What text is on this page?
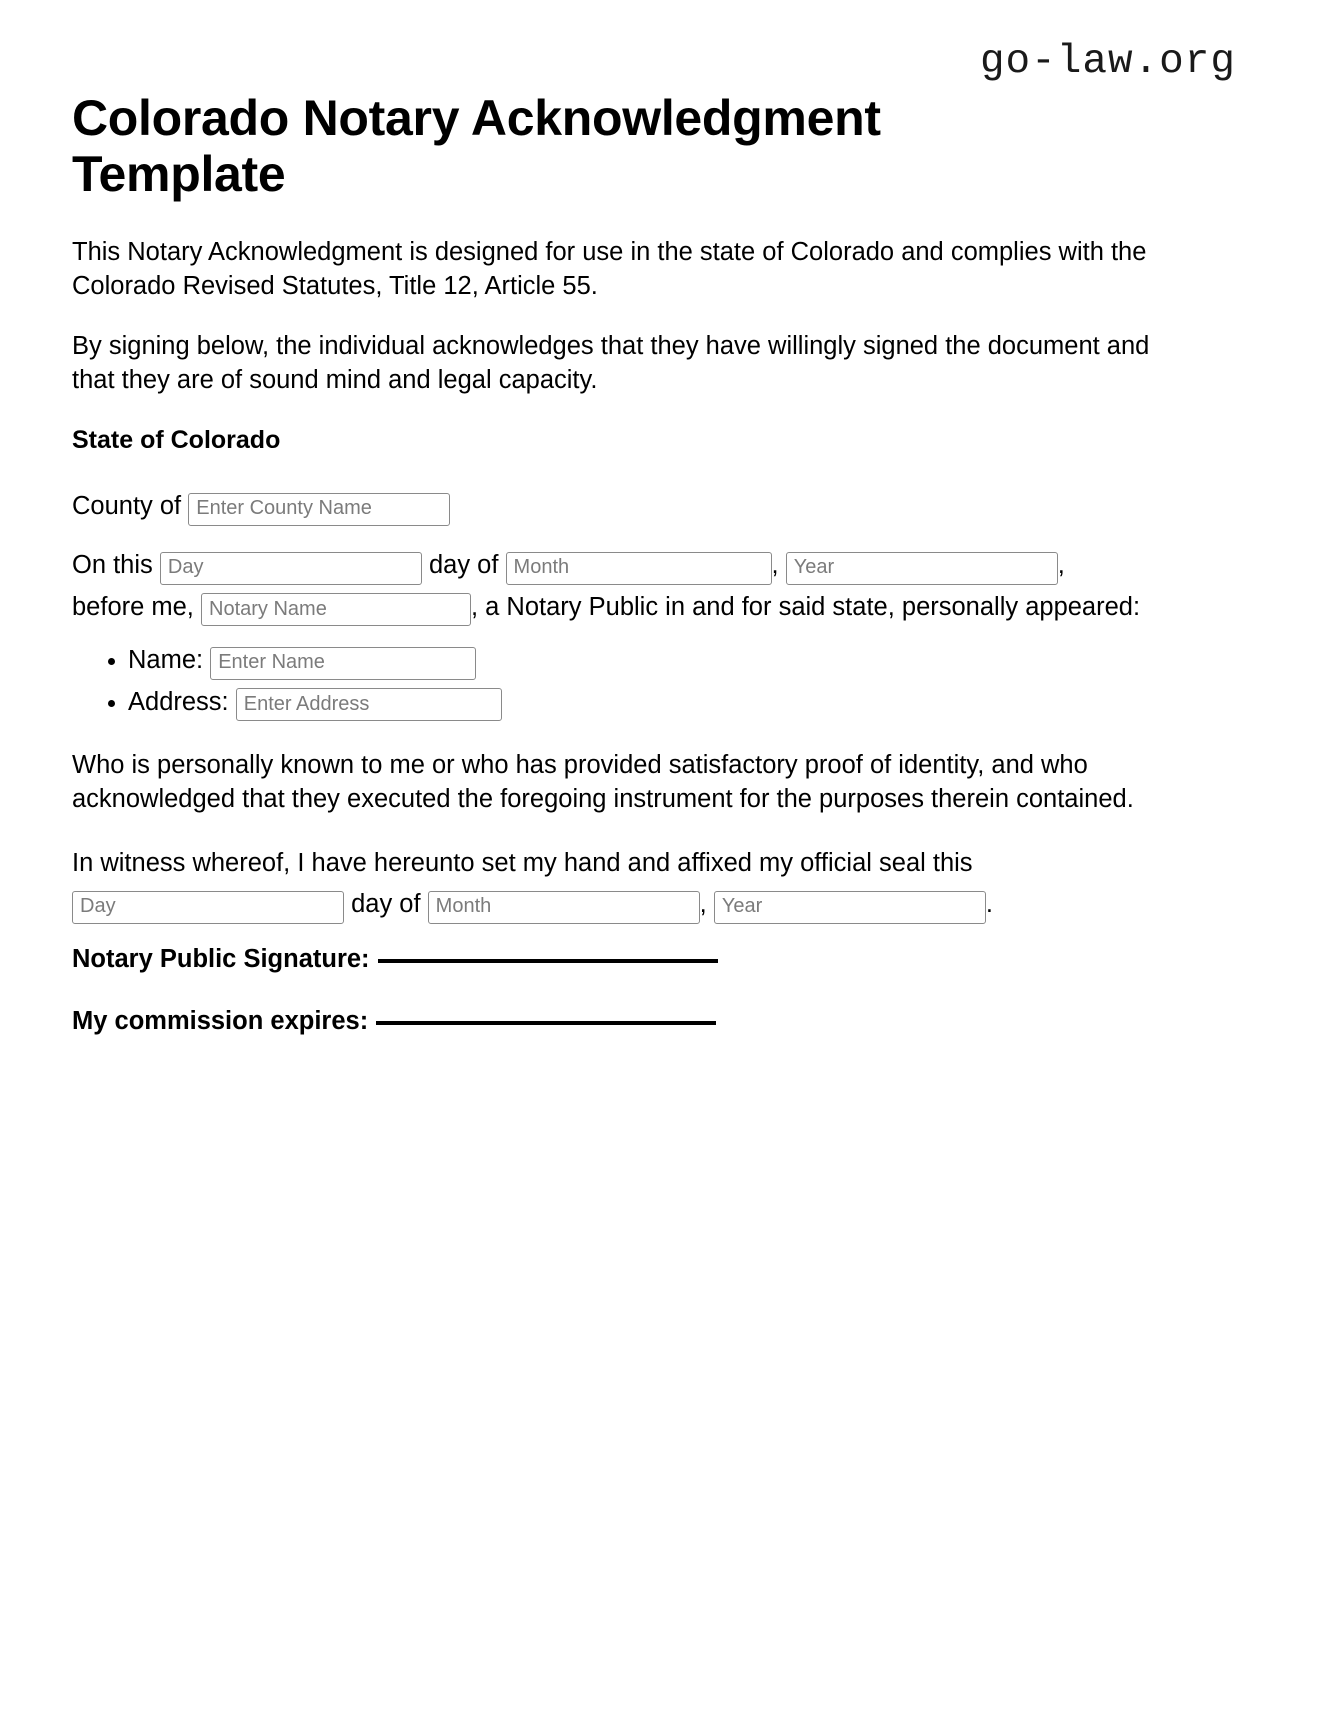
go-law.org
Colorado Notary Acknowledgment Template

This Notary Acknowledgment is designed for use in the state of Colorado and complies with the Colorado Revised Statutes, Title 12, Article 55.

By signing below, the individual acknowledges that they have willingly signed the document and that they are of sound mind and legal capacity.

State of Colorado

County of Enter County Name

On this Day	day of Month	, Year	,
before me, Notary Name	, a Notary Public in and for said state, personally appeared:

• Name: Enter Name
• Address: Enter Address

Who is personally known to me or who has provided satisfactory proof of identity, and who acknowledged that they executed the foregoing instrument for the purposes therein contained.

In witness whereof, I have hereunto set my hand and affixed my official seal this
Day day of Month	, Year	.

Notary Public Signature:

My commission expires:
